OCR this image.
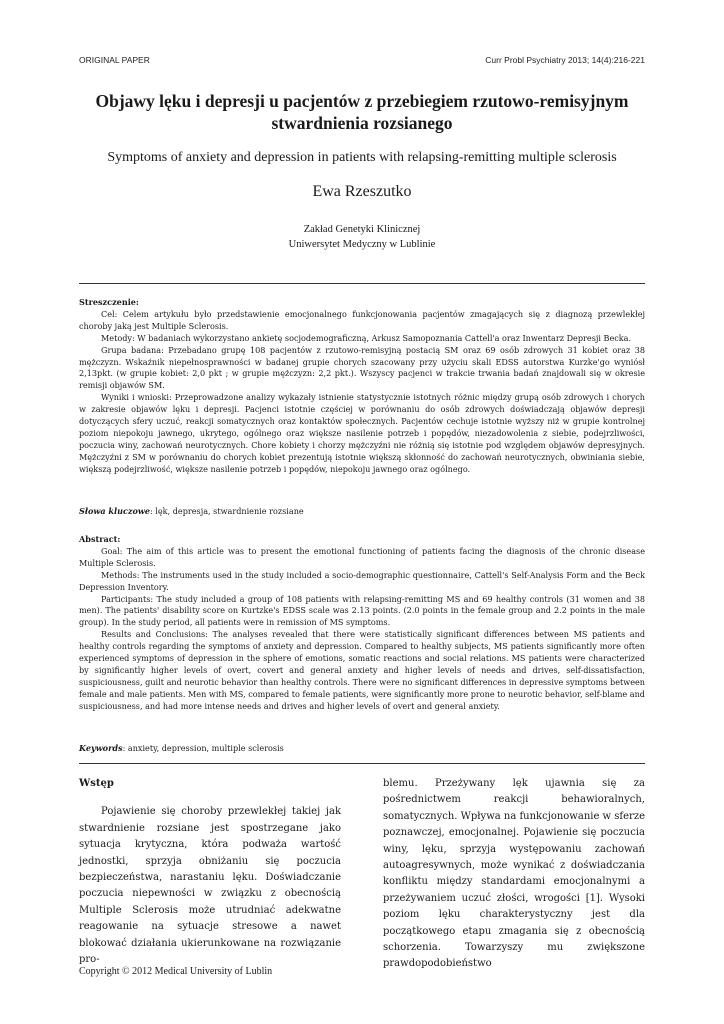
ORIGINAL PAPER	Curr Probl Psychiatry 2013; 14(4):216-221
Objawy lęku i depresji u pacjentów z przebiegiem rzutowo-remisyjnym stwardnienia rozsianego
Symptoms of anxiety and depression in patients with relapsing-remitting multiple sclerosis
Ewa Rzeszutko
Zakład Genetyki Klinicznej
Uniwersytet Medyczny w Lublinie
Streszczenie:

Cel: Celem artykułu było przedstawienie emocjonalnego funkcjonowania pacjentów zmagających się z diagnozą przewlekłej choroby jaką jest Multiple Sclerosis.

Metody: W badaniach wykorzystano ankietę socjodemograficzną, Arkusz Samopoznania Cattell'a oraz Inwentarz Depresji Becka.

Grupa badana: Przebadano grupę 108 pacjentów z rzutowo-remisyjną postacią SM oraz 69 osób zdrowych 31 kobiet oraz 38 mężczyzn. Wskaźnik niepełnosprawności w badanej grupie chorych szacowany przy użyciu skali EDSS autorstwa Kurzke'go wyniósł 2,13pkt. (w grupie kobiet: 2,0 pkt ; w grupie mężczyzn: 2,2 pkt.). Wszyscy pacjenci w trakcie trwania badań znajdowali się w okresie remisji objawów SM.

Wyniki i wnioski: Przeprowadzone analizy wykazały istnienie statystycznie istotnych różnic między grupą osób zdrowych i chorych w zakresie objawów lęku i depresji. Pacjenci istotnie częściej w porównaniu do osób zdrowych doświadczają objawów depresji dotyczących sfery uczuć, reakcji somatycznych oraz kontaktów społecznych. Pacjentów cechuje istotnie wyższy niż w grupie kontrolnej poziom niepokoju jawnego, ukrytego, ogólnego oraz większe nasilenie potrzeb i popędów, niezadowolenia z siebie, podejrzliwości, poczucia winy, zachowań neurotycznych. Chore kobiety i chorzy mężczyźni nie różnią się istotnie pod względem objawów depresyjnych. Mężczyźni z SM w porównaniu do chorych kobiet prezentują istotnie większą skłonność do zachowań neurotycznych, obwiniania siebie, większą podejrzliwość, większe nasilenie potrzeb i popędów, niepokoju jawnego oraz ogólnego.

Słowa kluczowe: lęk, depresja, stwardnienie rozsiane
Abstract:

Goal: The aim of this article was to present the emotional functioning of patients facing the diagnosis of the chronic disease Multiple Sclerosis.

Methods: The instruments used in the study included a socio-demographic questionnaire, Cattell's Self-Analysis Form and the Beck Depression Inventory.

Participants: The study included a group of 108 patients with relapsing-remitting MS and 69 healthy controls (31 women and 38 men). The patients' disability score on Kurtzke's EDSS scale was 2.13 points. (2.0 points in the female group and 2.2 points in the male group). In the study period, all patients were in remission of MS symptoms.

Results and Conclusions: The analyses revealed that there were statistically significant differences between MS patients and healthy controls regarding the symptoms of anxiety and depression. Compared to healthy subjects, MS patients significantly more often experienced symptoms of depression in the sphere of emotions, somatic reactions and social relations. MS patients were characterized by significantly higher levels of overt, covert and general anxiety and higher levels of needs and drives, self-dissatisfaction, suspiciousness, guilt and neurotic behavior than healthy controls. There were no significant differences in depressive symptoms between female and male patients. Men with MS, compared to female patients, were significantly more prone to neurotic behavior, self-blame and suspiciousness, and had more intense needs and drives and higher levels of overt and general anxiety.

Keywords: anxiety, depression, multiple sclerosis
Wstęp

Pojawienie się choroby przewlekłej takiej jak stwardnienie rozsiane jest spostrzegane jako sytuacja krytyczna, która podważa wartość jednostki, sprzyja obniżaniu się poczucia bezpieczeństwa, narastaniu lęku. Doświadczanie poczucia niepewności w związku z obecnością Multiple Sclerosis może utrudniać adekwatne reagowanie na sytuacje stresowe a nawet blokować działania ukierunkowane na rozwiązanie pro-

blemu. Przeżywany lęk ujawnia się za pośrednictwem reakcji behawioralnych, somatycznych. Wpływa na funkcjonowanie w sferze poznawczej, emocjonalnej. Pojawienie się poczucia winy, lęku, sprzyja występowaniu zachowań autoagresywnych, może wynikać z doświadczania konfliktu między standardami emocjonalnymi a przeżywaniem uczuć złości, wrogości [1]. Wysoki poziom lęku charakterystyczny jest dla początkowego etapu zmagania się z obecnością schorzenia. Towarzyszy mu zwiększone prawdopodobieństwo

Copyright © 2012 Medical University of Lublin
